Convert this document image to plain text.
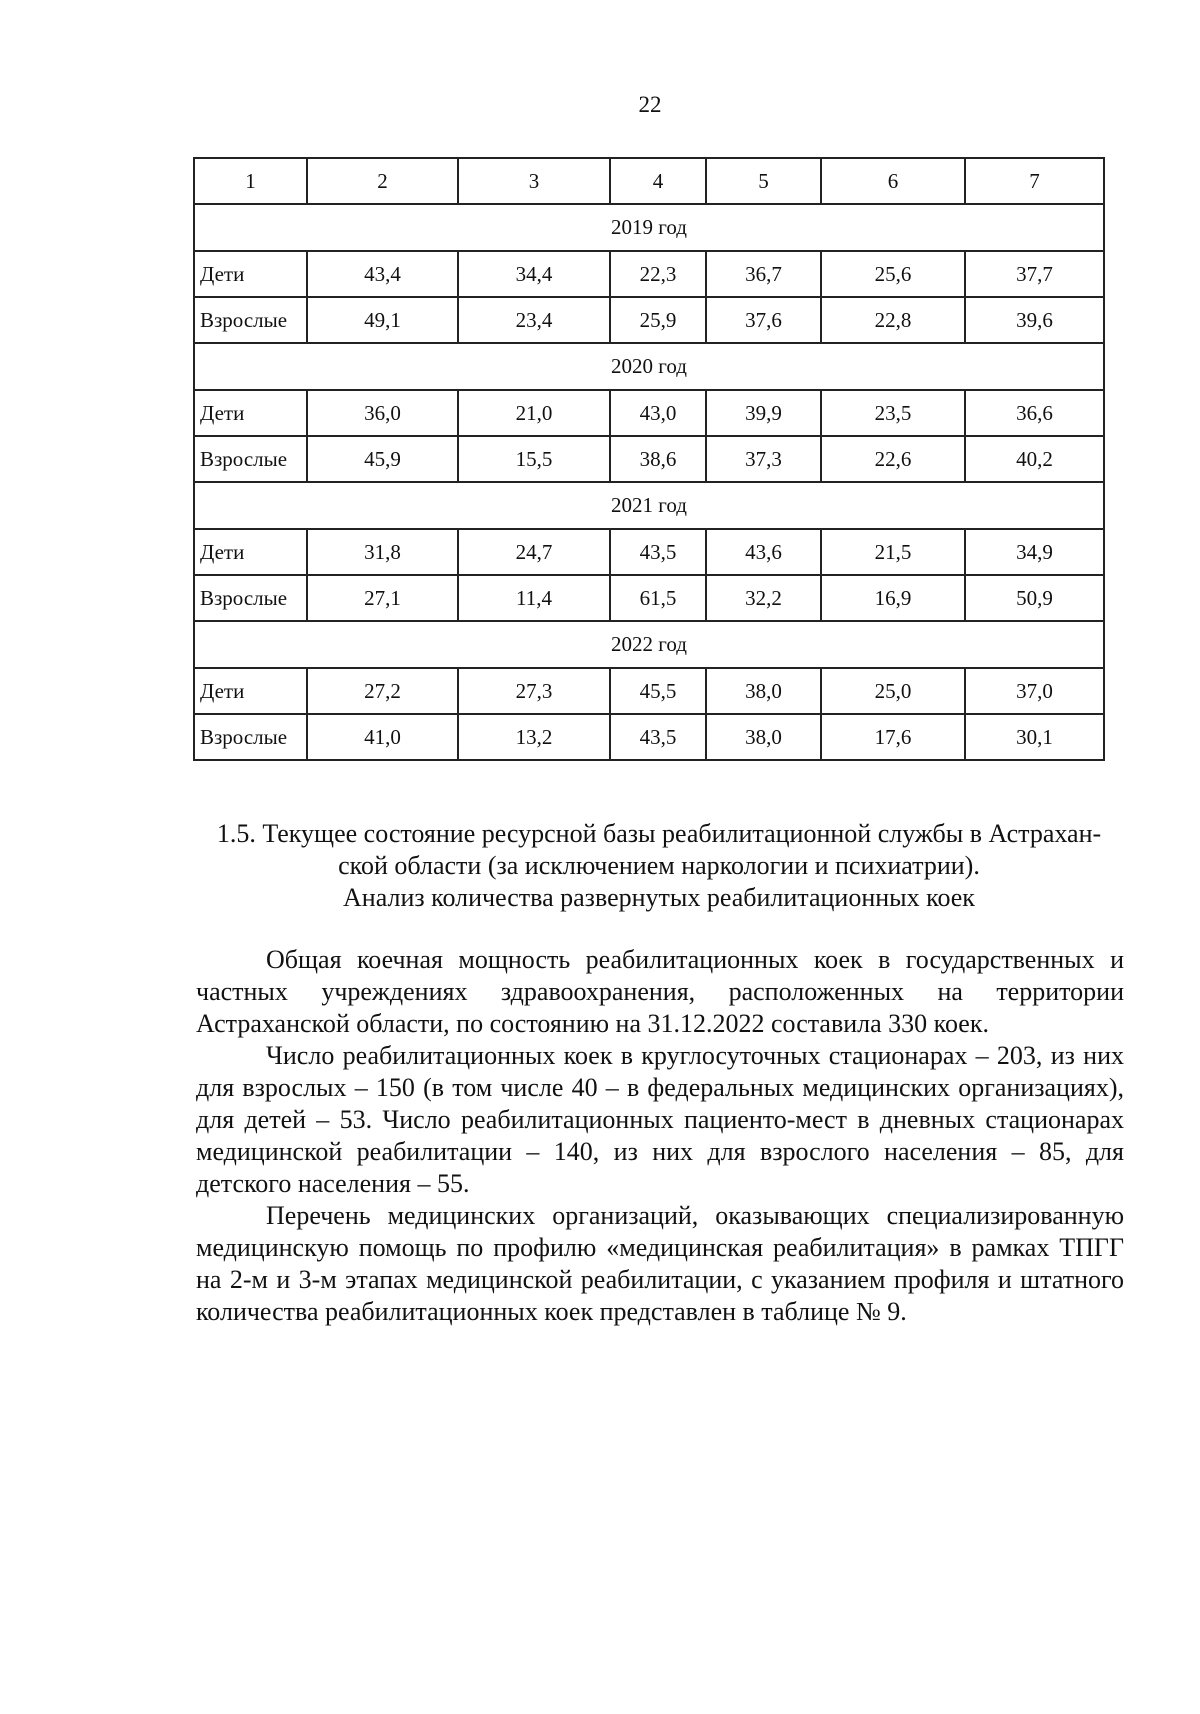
22
1	2	3	4	5	6	7
2019 год						
Дети	43,4	34,4	22,3	36,7	25,6	37,7
Взрослые	49,1	23,4	25,9	37,6	22,8	39,6
2020 год						
Дети	36,0	21,0	43,0	39,9	23,5	36,6
Взрослые	45,9	15,5	38,6	37,3	22,6	40,2
2021 год						
Дети	31,8	24,7	43,5	43,6	21,5	34,9
Взрослые	27,1	11,4	61,5	32,2	16,9	50,9
2022 год						
Дети	27,2	27,3	45,5	38,0	25,0	37,0
Взрослые	41,0	13,2	43,5	38,0	17,6	30,1
1.5. Текущее состояние ресурсной базы реабилитационной службы в Астрахан-
ской области (за исключением наркологии и психиатрии).
Анализ количества развернутых реабилитационных коек

Общая коечная мощность реабилитационных коек в государственных и частных учреждениях здравоохранения, расположенных на территории Астраханской области, по состоянию на 31.12.2022 составила 330 коек.

Число реабилитационных коек в круглосуточных стационарах – 203, из них для взрослых – 150 (в том числе 40 – в федеральных медицинских организациях), для детей – 53. Число реабилитационных пациенто-мест в дневных стационарах медицинской реабилитации – 140, из них для взрослого населения – 85, для детского населения – 55.

Перечень медицинских организаций, оказывающих специализированную медицинскую помощь по профилю «медицинская реабилитация» в рамках ТПГГ на 2-м и 3-м этапах медицинской реабилитации, с указанием профиля и штатного количества реабилитационных коек представлен в таблице № 9.
